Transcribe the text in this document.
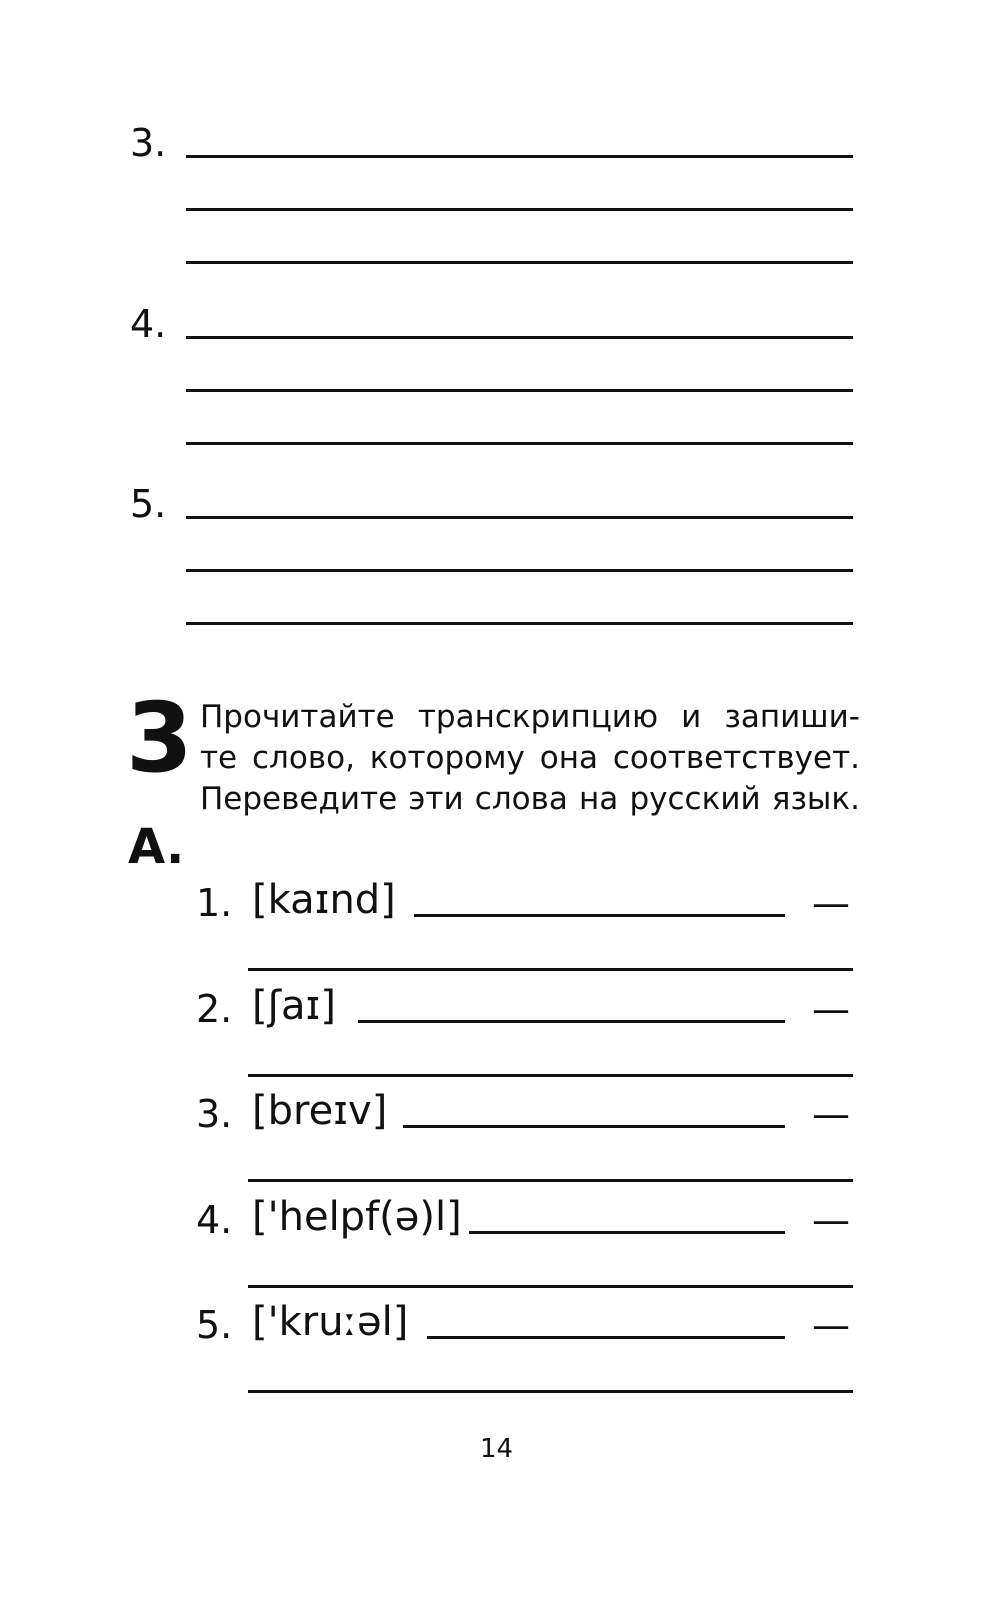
3.
4.
5.
3
A.
Прочитайте транскрипцию и запиши-
те слово, которому она соответствует.
Переведите эти слова на русский язык.
1. [kaɪnd]	—
2. [ʃaɪ]	—
3. [breɪv]	—
4. ['helpf(ə)l]	—
5. ['kruːəl]	—
14
